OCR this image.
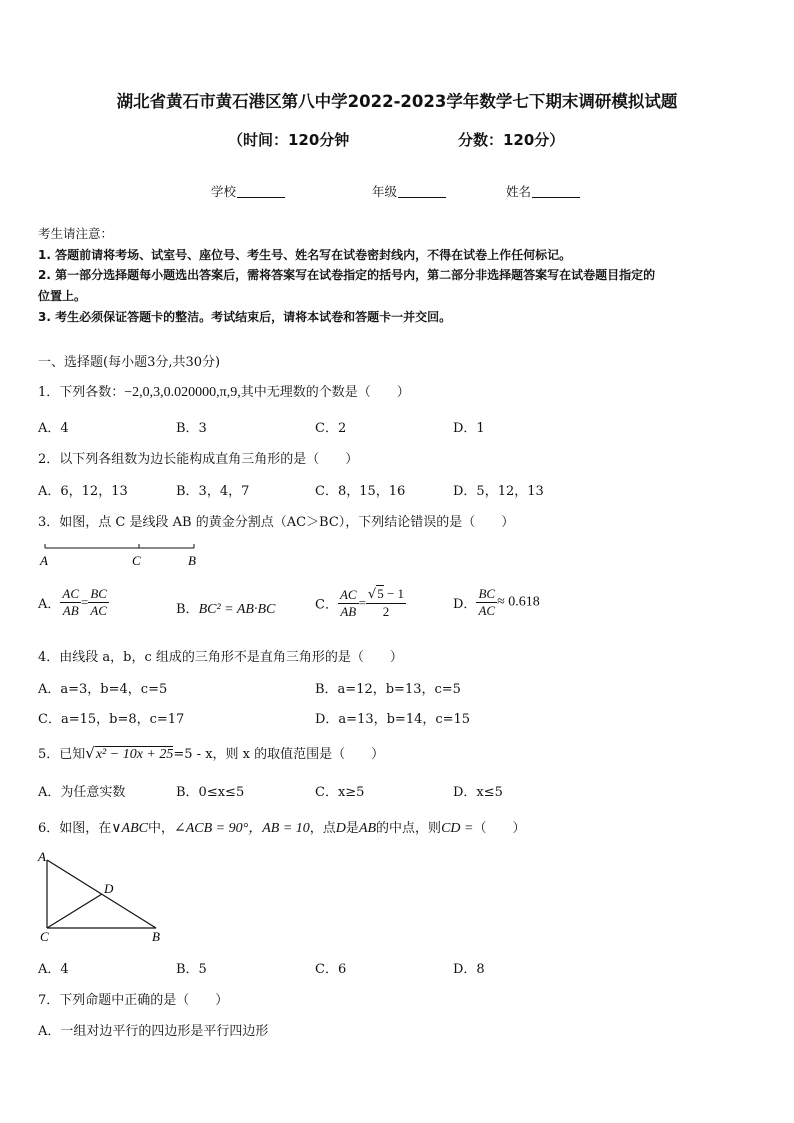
湖北省黄石市黄石港区第八中学2022-2023学年数学七下期末调研模拟试题
（时间：120分钟	分数：120分）
学校	年级	姓名
考生请注意：
1. 答题前请将考场、试室号、座位号、考生号、姓名写在试卷密封线内，不得在试卷上作任何标记。
2. 第一部分选择题每小题选出答案后，需将答案写在试卷指定的括号内，第二部分非选择题答案写在试卷题目指定的
位置上。
3. 考生必须保证答题卡的整洁。考试结束后，请将本试卷和答题卡一并交回。
一、选择题(每小题3分,共30分)
1．下列各数：−2,0,3,0.020000,π,9,其中无理数的个数是（　　）
A．4	B．3	C．2	D．1
2．以下列各组数为边长能构成直角三角形的是（　　）
A．6，12，13	B．3，4，7	C．8，15，16	D．5，12，13
3．如图，点 C 是线段 AB 的黄金分割点（AC＞BC），下列结论错误的是（　　）
A	C	B
A． $\frac{AC}{AB} = \frac{BC}{AC}$	B．BC² = AB·BC	C． $\frac{AC}{AB} = \frac{√5 - 1}{2}$	D． $\frac{BC}{AC} \approx 0.618$
4．由线段 a，b，c 组成的三角形不是直角三角形的是（　　）
A．a=3，b=4，c=5	B．a=12，b=13，c=5
C．a=15，b=8，c=17	D．a=13，b=14，c=15
5．已知√x² − 10x + 25=5 - x，则 x 的取值范围是（　　）
A．为任意实数	B．0≤x≤5	C．x≥5	D．x≤5
6．如图，在∨ABC中，∠ACB = 90°，AB = 10，点D是AB的中点，则CD =（　　）
A
D
C	B
A．4	B．5	C．6	D．8
7．下列命题中正确的是（　　）
A．一组对边平行的四边形是平行四边形
